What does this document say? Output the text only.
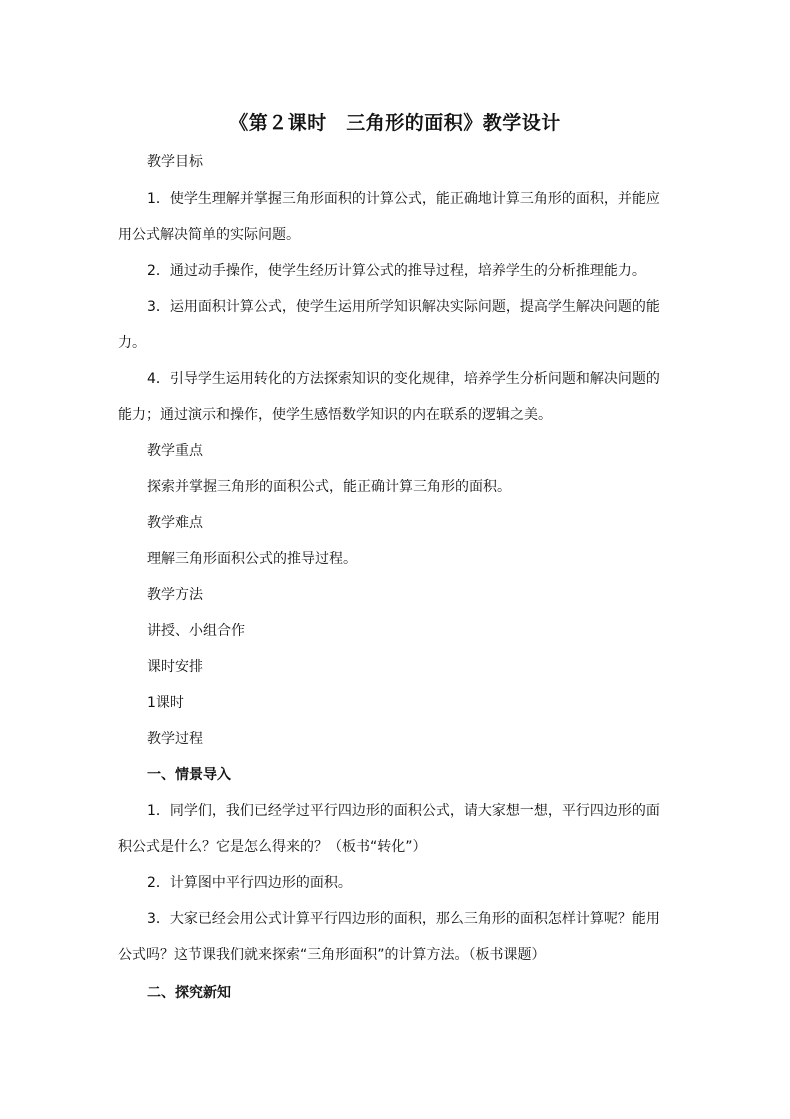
《第２课时　三角形的面积》教学设计
教学目标
1．使学生理解并掌握三角形面积的计算公式，能正确地计算三角形的面积，并能应
用公式解决简单的实际问题。
2．通过动手操作，使学生经历计算公式的推导过程，培养学生的分析推理能力。
3．运用面积计算公式，使学生运用所学知识解决实际问题，提高学生解决问题的能
力。
4．引导学生运用转化的方法探索知识的变化规律，培养学生分析问题和解决问题的
能力；通过演示和操作，使学生感悟数学知识的内在联系的逻辑之美。
教学重点
探索并掌握三角形的面积公式，能正确计算三角形的面积。
教学难点
理解三角形面积公式的推导过程。
教学方法
讲授、小组合作
课时安排
1课时
教学过程
一、情景导入
1．同学们，我们已经学过平行四边形的面积公式，请大家想一想，平行四边形的面
积公式是什么？它是怎么得来的？（板书“转化”）
2．计算图中平行四边形的面积。
3．大家已经会用公式计算平行四边形的面积，那么三角形的面积怎样计算呢？能用
公式吗？这节课我们就来探索“三角形面积”的计算方法。（板书课题）
二、探究新知
